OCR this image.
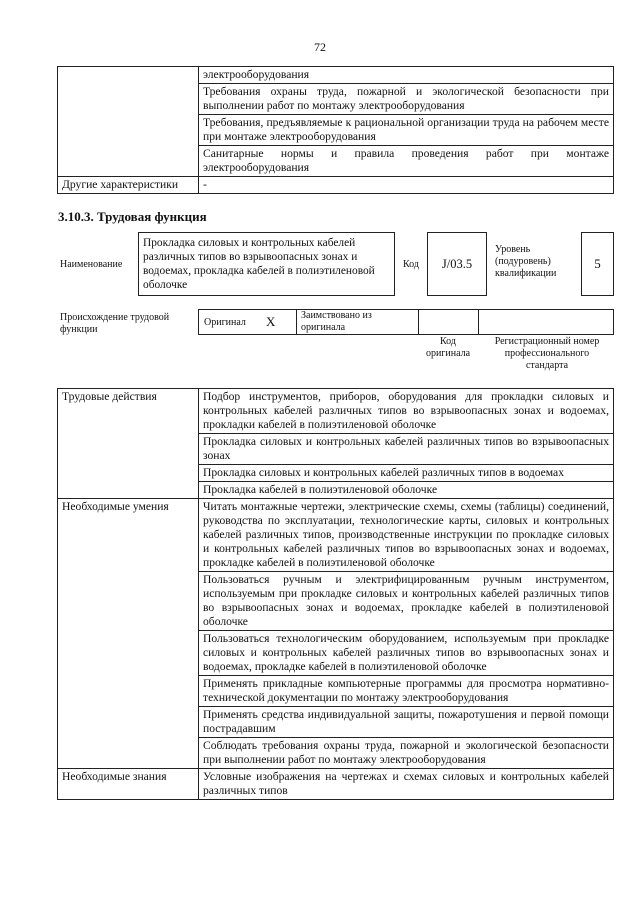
72
	электрооборудования
	Требования охраны труда, пожарной и экологической безопасности при выполнении работ по монтажу электрооборудования
	Требования, предъявляемые к рациональной организации труда на рабочем месте при монтаже электрооборудования
	Санитарные нормы и правила проведения работ при монтаже электрооборудования
Другие характеристики	-
3.10.3. Трудовая функция
Наименование
Прокладка силовых и контрольных кабелей различных типов во взрывоопасных зонах и водоемах, прокладка кабелей в полиэтиленовой оболочке
Код	J/03.5
Уровень (подуровень) квалификации
5
Происхождение трудовой функции
Оригинал X	Заимствовано из оригинала
Код оригинала
Регистрационный номер профессионального стандарта
Трудовые действия	Подбор инструментов, приборов, оборудования для прокладки силовых и контрольных кабелей различных типов во взрывоопасных зонах и водоемах, прокладки кабелей в полиэтиленовой оболочке
	Прокладка силовых и контрольных кабелей различных типов во взрывоопасных зонах
	Прокладка силовых и контрольных кабелей различных типов в водоемах
	Прокладка кабелей в полиэтиленовой оболочке
Необходимые умения	Читать монтажные чертежи, электрические схемы, схемы (таблицы) соединений, руководства по эксплуатации, технологические карты, силовых и контрольных кабелей различных типов, производственные инструкции по прокладке силовых и контрольных кабелей различных типов во взрывоопасных зонах и водоемах, прокладке кабелей в полиэтиленовой оболочке
	Пользоваться ручным и электрифицированным ручным инструментом, используемым при прокладке силовых и контрольных кабелей различных типов во взрывоопасных зонах и водоемах, прокладке кабелей в полиэтиленовой оболочке
	Пользоваться технологическим оборудованием, используемым при прокладке силовых и контрольных кабелей различных типов во взрывоопасных зонах и водоемах, прокладке кабелей в полиэтиленовой оболочке
	Применять прикладные компьютерные программы для просмотра нормативно-технической документации по монтажу электрооборудования
	Применять средства индивидуальной защиты, пожаротушения и первой помощи пострадавшим
	Соблюдать требования охраны труда, пожарной и экологической безопасности при выполнении работ по монтажу электрооборудования
Необходимые знания	Условные изображения на чертежах и схемах силовых и контрольных кабелей различных типов
